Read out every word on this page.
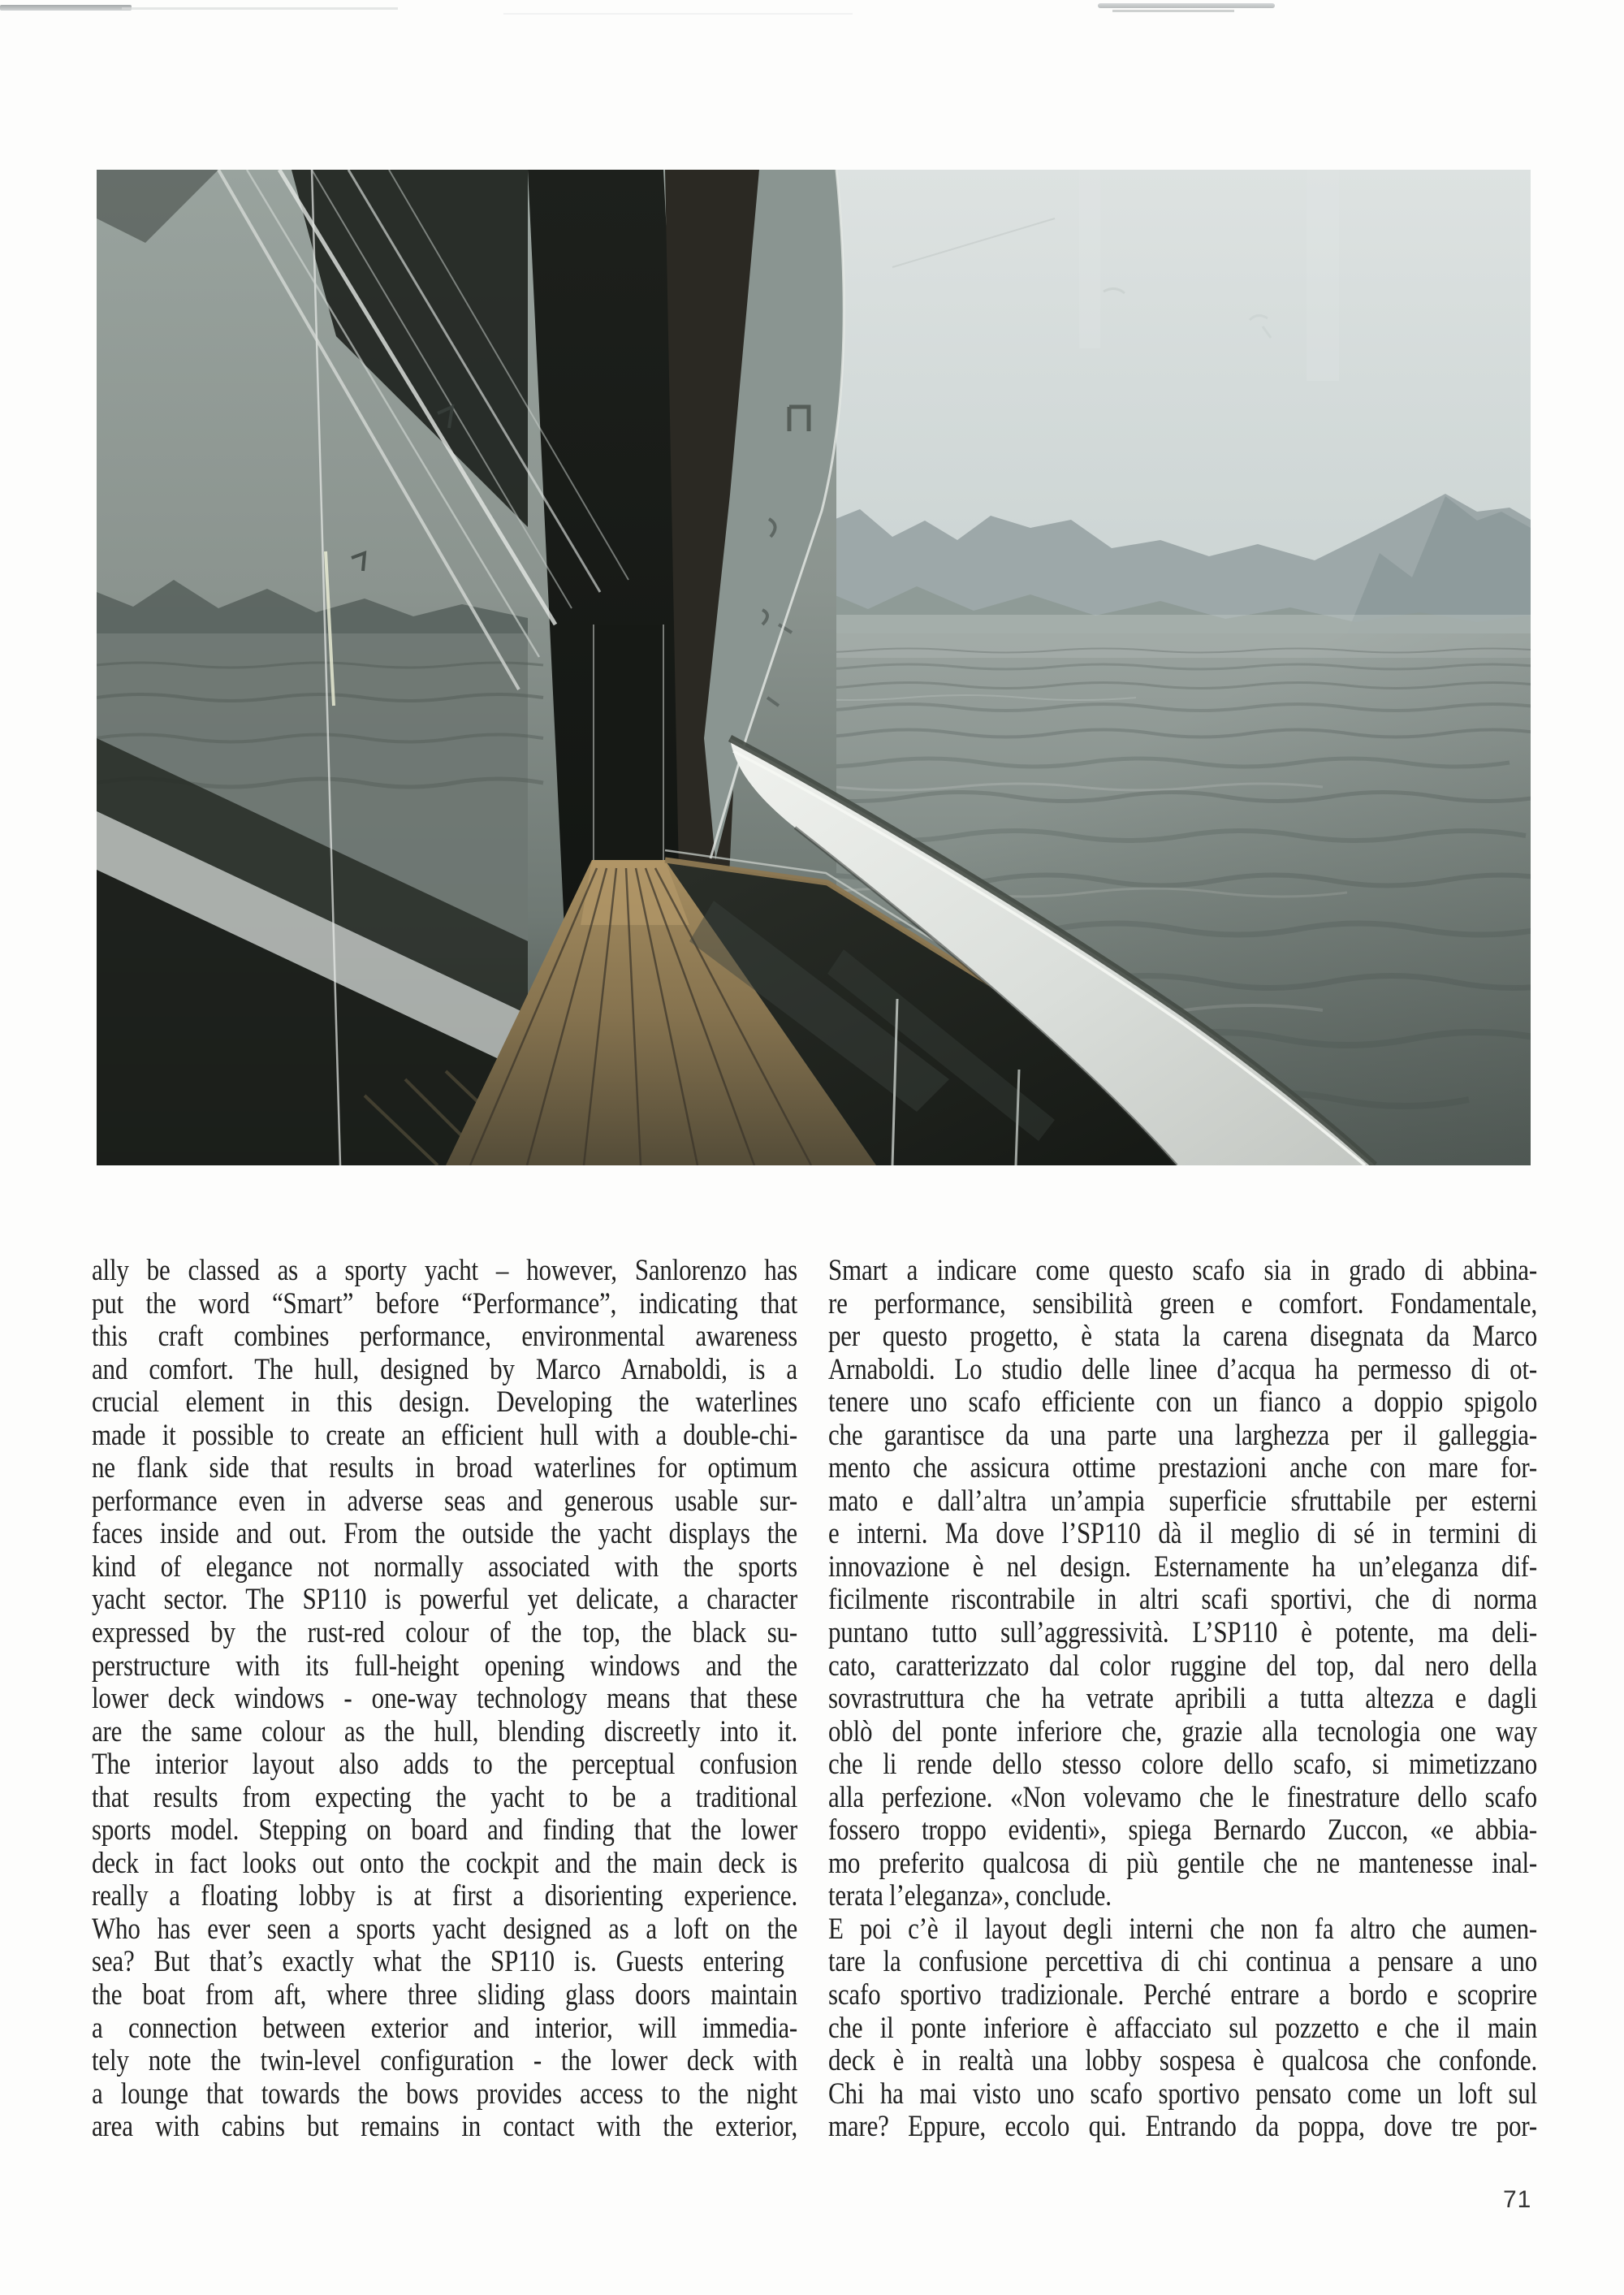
ally be classed as a sporty yacht – however, Sanlorenzo has
put the word “Smart” before “Performance”, indicating that
this craft combines performance, environmental awareness
and comfort. The hull, designed by Marco Arnaboldi, is a
crucial element in this design. Developing the waterlines
made it possible to create an efficient hull with a double-chi-
ne flank side that results in broad waterlines for optimum
performance even in adverse seas and generous usable sur-
faces inside and out. From the outside the yacht displays the
kind of elegance not normally associated with the sports
yacht sector. The SP110 is powerful yet delicate, a character
expressed by the rust-red colour of the top, the black su-
perstructure with its full-height opening windows and the
lower deck windows - one-way technology means that these
are the same colour as the hull, blending discreetly into it.
The interior layout also adds to the perceptual confusion
that results from expecting the yacht to be a traditional
sports model. Stepping on board and finding that the lower
deck in fact looks out onto the cockpit and the main deck is
really a floating lobby is at first a disorienting experience.
Who has ever seen a sports yacht designed as a loft on the
sea? But that’s exactly what the SP110 is. Guests entering
the boat from aft, where three sliding glass doors maintain
a connection between exterior and interior, will immedia-
tely note the twin-level configuration - the lower deck with
a lounge that towards the bows provides access to the night
area with cabins but remains in contact with the exterior,
Smart a indicare come questo scafo sia in grado di abbina-
re performance, sensibilità green e comfort. Fondamentale,
per questo progetto, è stata la carena disegnata da Marco
Arnaboldi. Lo studio delle linee d’acqua ha permesso di ot-
tenere uno scafo efficiente con un fianco a doppio spigolo
che garantisce da una parte una larghezza per il galleggia-
mento che assicura ottime prestazioni anche con mare for-
mato e dall’altra un’ampia superficie sfruttabile per esterni
e interni. Ma dove l’SP110 dà il meglio di sé in termini di
innovazione è nel design. Esternamente ha un’eleganza dif-
ficilmente riscontrabile in altri scafi sportivi, che di norma
puntano tutto sull’aggressività. L’SP110 è potente, ma deli-
cato, caratterizzato dal color ruggine del top, dal nero della
sovrastruttura che ha vetrate apribili a tutta altezza e dagli
oblò del ponte inferiore che, grazie alla tecnologia one way
che li rende dello stesso colore dello scafo, si mimetizzano
alla perfezione. «Non volevamo che le finestrature dello scafo
fossero troppo evidenti», spiega Bernardo Zuccon, «e abbia-
mo preferito qualcosa di più gentile che ne mantenesse inal-
terata l’eleganza», conclude.
E poi c’è il layout degli interni che non fa altro che aumen-
tare la confusione percettiva di chi continua a pensare a uno
scafo sportivo tradizionale. Perché entrare a bordo e scoprire
che il ponte inferiore è affacciato sul pozzetto e che il main
deck è in realtà una lobby sospesa è qualcosa che confonde.
Chi ha mai visto uno scafo sportivo pensato come un loft sul
mare? Eppure, eccolo qui. Entrando da poppa, dove tre por-
71
